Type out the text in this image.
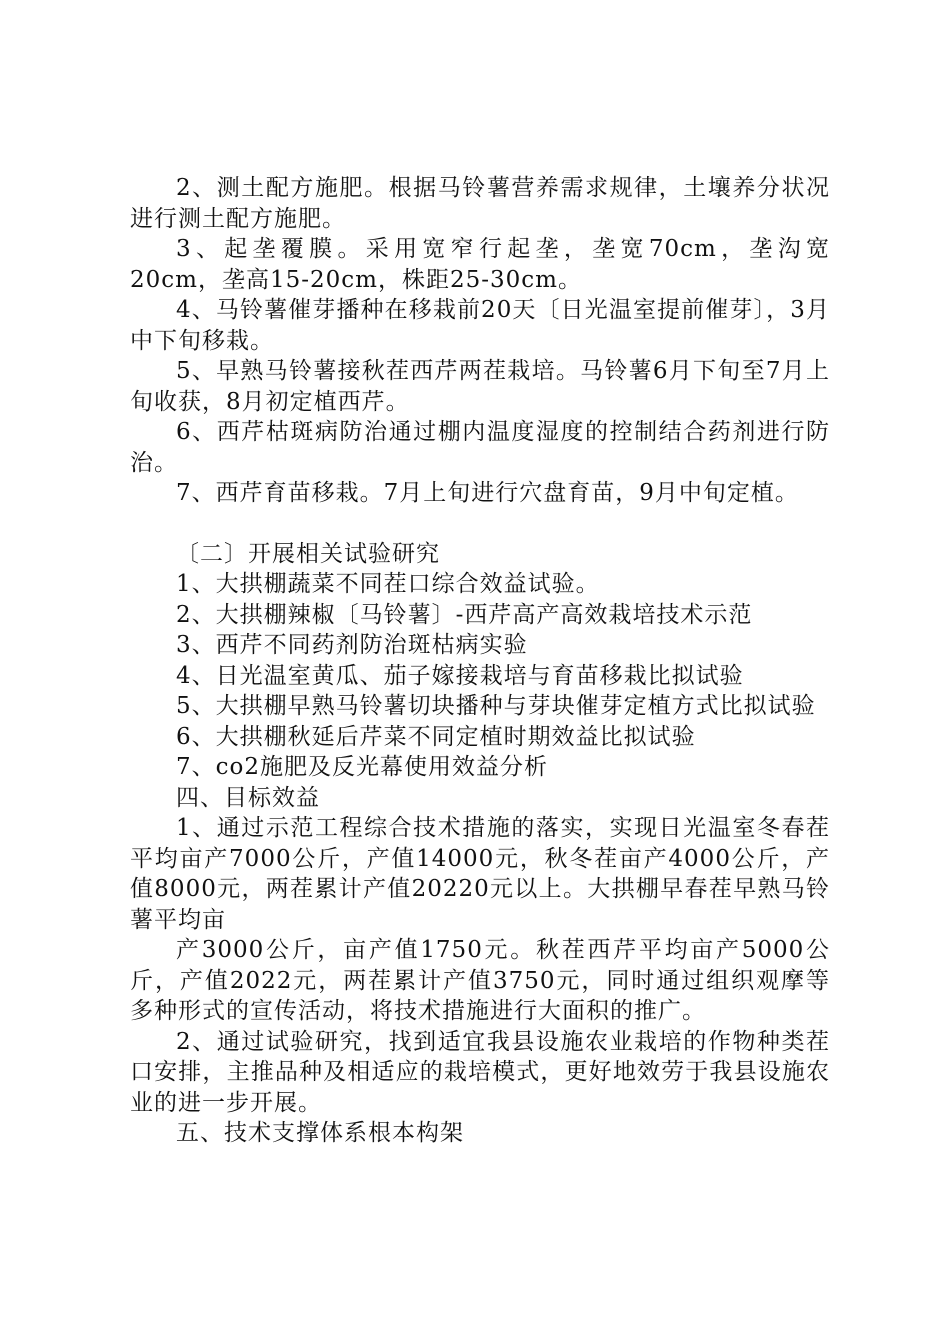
2、测土配方施肥。根据马铃薯营养需求规律，土壤养分状况进行测土配方施肥。

3、起垄覆膜。采用宽窄行起垄，垄宽70cm，垄沟宽20cm，垄高15-20cm，株距25-30cm。

4、马铃薯催芽播种在移栽前20天〔日光温室提前催芽〕，3月中下旬移栽。

5、早熟马铃薯接秋茬西芹两茬栽培。马铃薯6月下旬至7月上旬收获，8月初定植西芹。

6、西芹枯斑病防治通过棚内温度湿度的控制结合药剂进行防治。

7、西芹育苗移栽。7月上旬进行穴盘育苗，9月中旬定植。

〔二〕开展相关试验研究

1、大拱棚蔬菜不同茬口综合效益试验。

2、大拱棚辣椒〔马铃薯〕-西芹高产高效栽培技术示范

3、西芹不同药剂防治斑枯病实验

4、日光温室黄瓜、茄子嫁接栽培与育苗移栽比拟试验

5、大拱棚早熟马铃薯切块播种与芽块催芽定植方式比拟试验

6、大拱棚秋延后芹菜不同定植时期效益比拟试验

7、co2施肥及反光幕使用效益分析

四、目标效益

1、通过示范工程综合技术措施的落实，实现日光温室冬春茬平均亩产7000公斤，产值14000元，秋冬茬亩产4000公斤，产值8000元，两茬累计产值20220元以上。大拱棚早春茬早熟马铃薯平均亩

产3000公斤，亩产值1750元。秋茬西芹平均亩产5000公斤，产值2022元，两茬累计产值3750元，同时通过组织观摩等多种形式的宣传活动，将技术措施进行大面积的推广。

2、通过试验研究，找到适宜我县设施农业栽培的作物种类茬口安排，主推品种及相适应的栽培模式，更好地效劳于我县设施农业的进一步开展。

五、技术支撑体系根本构架
